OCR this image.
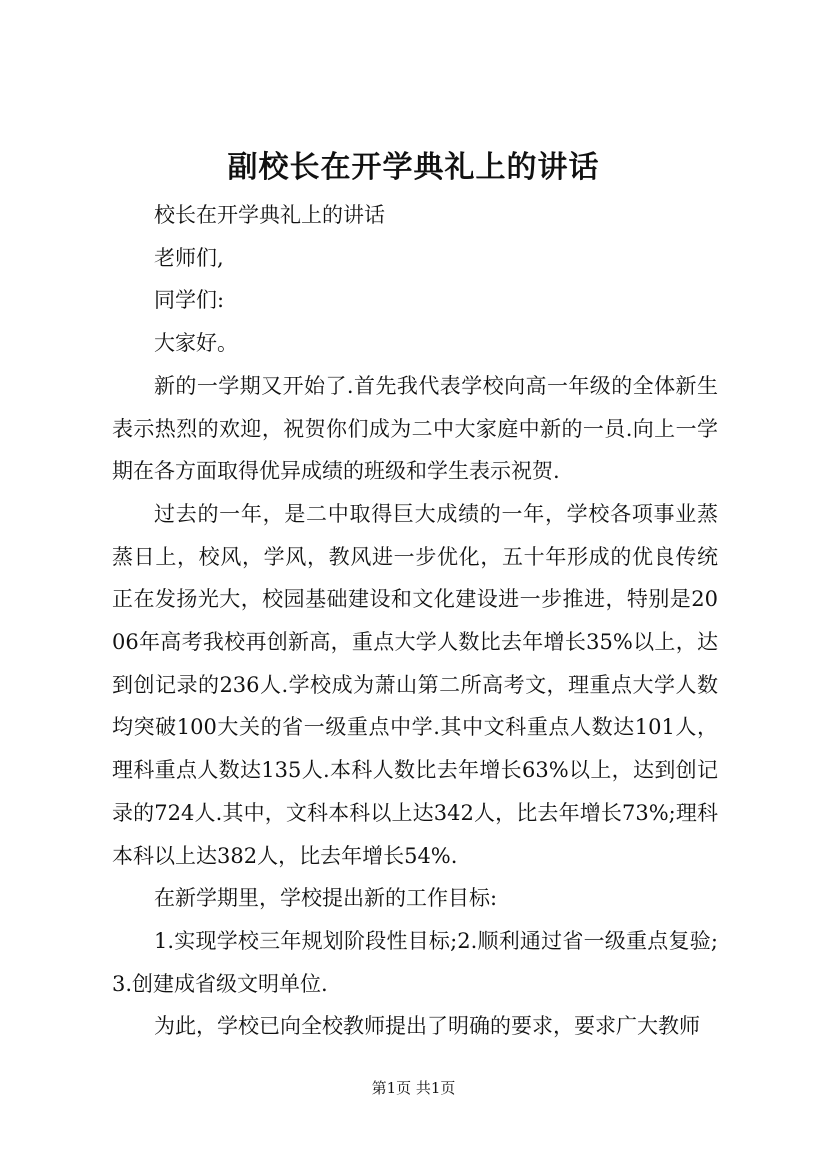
副校长在开学典礼上的讲话

校长在开学典礼上的讲话

老师们,

同学们:

大家好。

新的一学期又开始了.首先我代表学校向高一年级的全体新生表示热烈的欢迎，祝贺你们成为二中大家庭中新的一员.向上一学期在各方面取得优异成绩的班级和学生表示祝贺.

过去的一年，是二中取得巨大成绩的一年，学校各项事业蒸蒸日上，校风，学风，教风进一步优化，五十年形成的优良传统正在发扬光大，校园基础建设和文化建设进一步推进，特别是2006年高考我校再创新高，重点大学人数比去年增长35%以上，达到创记录的236人.学校成为萧山第二所高考文，理重点大学人数均突破100大关的省一级重点中学.其中文科重点人数达101人，理科重点人数达135人.本科人数比去年增长63%以上，达到创记录的724人.其中，文科本科以上达342人，比去年增长73%;理科本科以上达382人，比去年增长54%.

在新学期里，学校提出新的工作目标:

1.实现学校三年规划阶段性目标;2.顺利通过省一级重点复验;3.创建成省级文明单位.

为此，学校已向全校教师提出了明确的要求，要求广大教师

第1页 共1页
